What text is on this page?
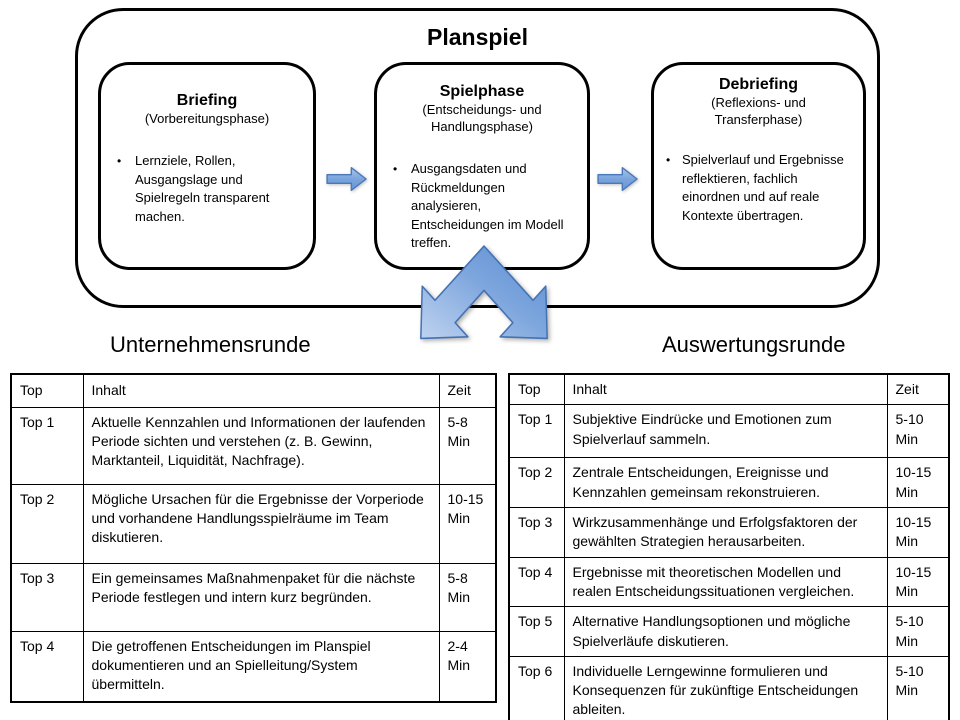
Planspiel
Briefing
(Vorbereitungsphase)
•	Lernziele, Rollen, Ausgangslage und Spielregeln transparent machen.
Spielphase
(Entscheidungs- und Handlungsphase)
•	Ausgangsdaten und Rückmeldungen analysieren, Entscheidungen im Modell treffen.
Debriefing
(Reflexions- und Transferphase)
• Spielverlauf und Ergebnisse reflektieren, fachlich einordnen und auf reale Kontexte übertragen.
Unternehmensrunde	Auswertungsrunde
Top	Inhalt	Zeit
Top 1	Aktuelle Kennzahlen und Informationen der laufenden Periode sichten und verstehen (z. B. Gewinn, Marktanteil, Liquidität, Nachfrage).	5-8 Min
Top 2	Mögliche Ursachen für die Ergebnisse der Vorperiode und vorhandene Handlungsspielräume im Team diskutieren.	10-15 Min
Top 3	Ein gemeinsames Maßnahmenpaket für die nächste Periode festlegen und intern kurz begründen.	5-8 Min
Top 4	Die getroffenen Entscheidungen im Planspiel dokumentieren und an Spielleitung/System übermitteln.	2-4 Min
Top	Inhalt	Zeit
Top 1	Subjektive Eindrücke und Emotionen zum Spielverlauf sammeln.	5-10 Min
Top 2	Zentrale Entscheidungen, Ereignisse und Kennzahlen gemeinsam rekonstruieren.	10-15 Min
Top 3	Wirkzusammenhänge und Erfolgsfaktoren der gewählten Strategien herausarbeiten.	10-15 Min
Top 4	Ergebnisse mit theoretischen Modellen und realen Entscheidungssituationen vergleichen.	10-15 Min
Top 5	Alternative Handlungsoptionen und mögliche Spielverläufe diskutieren.	5-10 Min
Top 6	Individuelle Lerngewinne formulieren und Konsequenzen für zukünftige Entscheidungen ableiten.	5-10 Min
